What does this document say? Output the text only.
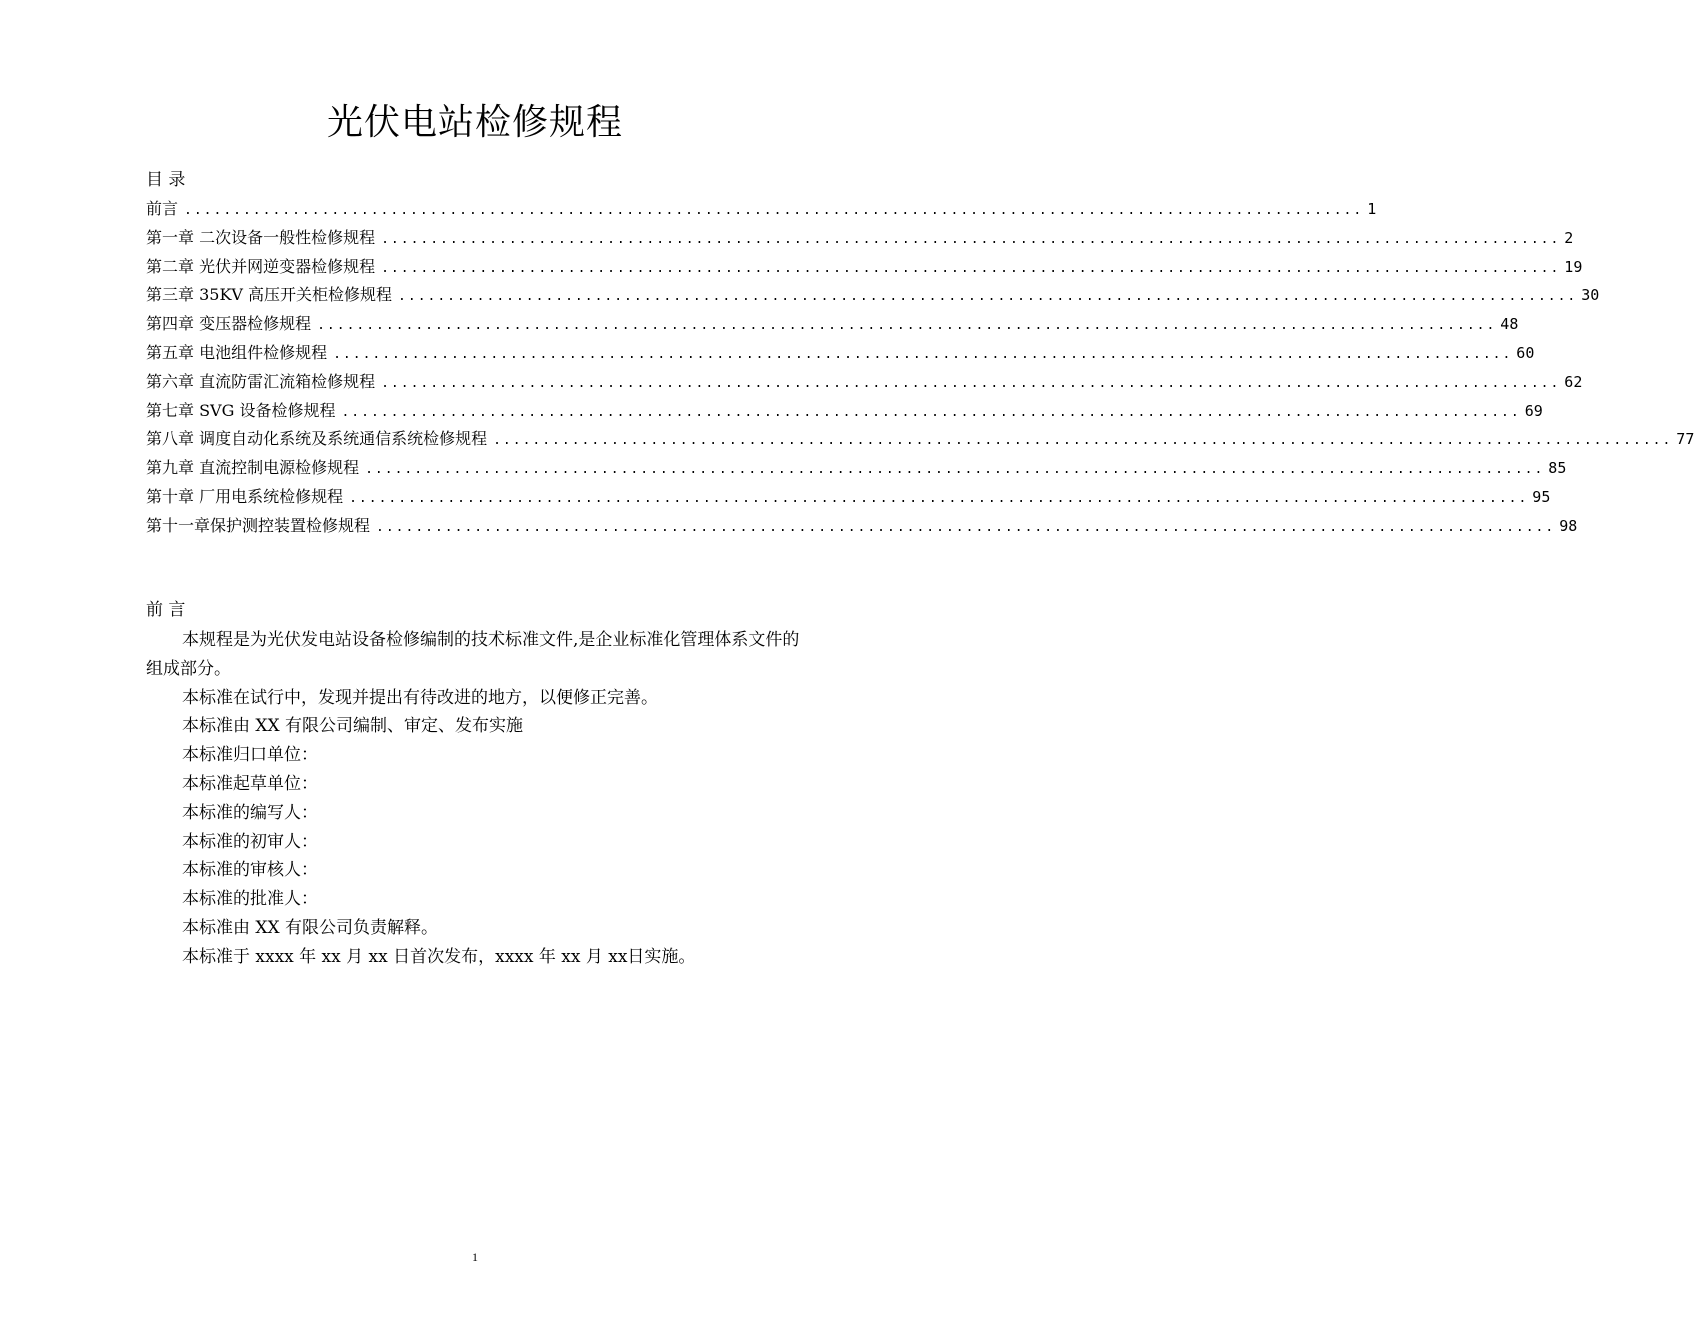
光伏电站检修规程
目 录
前言 ........................................................................................................................ 1
第一章 二次设备一般性检修规程 ........................................................................................................................ 2
第二章 光伏并网逆变器检修规程 ........................................................................................................................ 19
第三章 35KV 高压开关柜检修规程 ........................................................................................................................ 30
第四章 变压器检修规程 ........................................................................................................................ 48
第五章 电池组件检修规程 ........................................................................................................................ 60
第六章 直流防雷汇流箱检修规程 ........................................................................................................................ 62
第七章 SVG 设备检修规程 ........................................................................................................................ 69
第八章 调度自动化系统及系统通信系统检修规程 ........................................................................................................................ 77
第九章 直流控制电源检修规程 ........................................................................................................................ 85
第十章 厂用电系统检修规程 ........................................................................................................................ 95
第十一章保护测控装置检修规程 ........................................................................................................................ 98
前 言

本规程是为光伏发电站设备检修编制的技术标准文件,是企业标准化管理体系文件的组成部分。

本标准在试行中，发现并提出有待改进的地方，以便修正完善。

本标准由 XX 有限公司编制、审定、发布实施

本标准归口单位：

本标准起草单位：

本标准的编写人：

本标准的初审人：

本标准的审核人：

本标准的批准人：

本标准由 XX 有限公司负责解释。

本标准于 xxxx 年 xx 月 xx 日首次发布，xxxx 年 xx 月 xx日实施。

1
